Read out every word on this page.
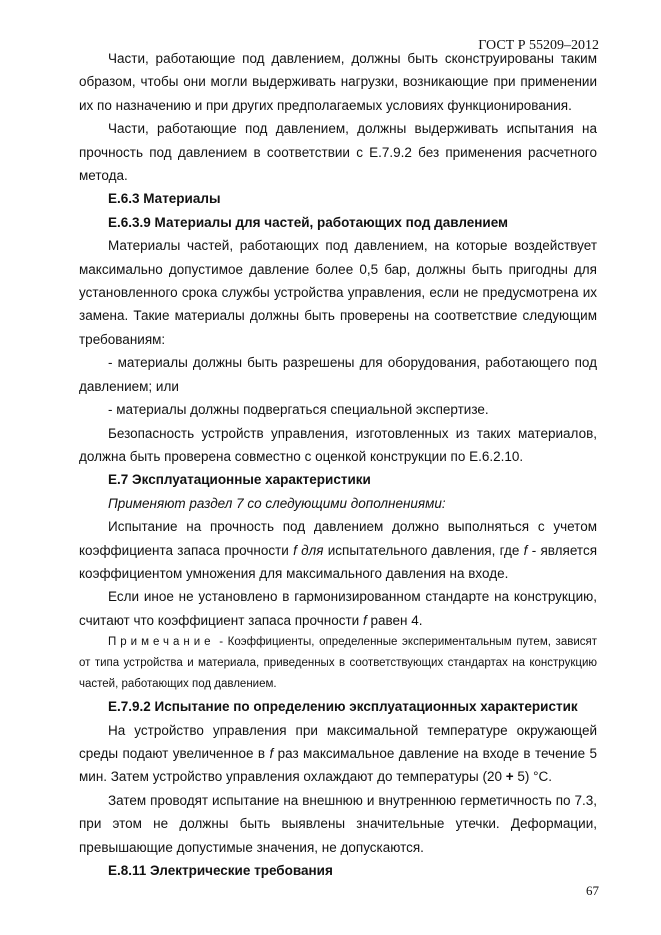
ГОСТ Р 55209–2012

Части, работающие под давлением, должны быть сконструированы таким образом, чтобы они могли выдерживать нагрузки, возникающие при применении их по назначению и при других предполагаемых условиях функционирования.

Части, работающие под давлением, должны выдерживать испытания на прочность под давлением в соответствии с Е.7.9.2 без применения расчетного метода.

Е.6.3 Материалы

Е.6.3.9 Материалы для частей, работающих под давлением

Материалы частей, работающих под давлением, на которые воздействует максимально допустимое давление более 0,5 бар, должны быть пригодны для установленного срока службы устройства управления, если не предусмотрена их замена. Такие материалы должны быть проверены на соответствие следующим требованиям:

- материалы должны быть разрешены для оборудования, работающего под давлением; или

- материалы должны подвергаться специальной экспертизе.

Безопасность устройств управления, изготовленных из таких материалов, должна быть проверена совместно с оценкой конструкции по Е.6.2.10.

Е.7 Эксплуатационные характеристики

Применяют раздел 7 со следующими дополнениями:

Испытание на прочность под давлением должно выполняться с учетом коэффициента запаса прочности f для испытательного давления, где f - является коэффициентом умножения для максимального давления на входе.

Если иное не установлено в гармонизированном стандарте на конструкцию, считают что коэффициент запаса прочности f равен 4.

Примечание - Коэффициенты, определенные экспериментальным путем, зависят от типа устройства и материала, приведенных в соответствующих стандартах на конструкцию частей, работающих под давлением.

Е.7.9.2 Испытание по определению эксплуатационных характеристик

На устройство управления при максимальной температуре окружающей среды подают увеличенное в f раз максимальное давление на входе в течение 5 мин. Затем устройство управления охлаждают до температуры (20 + 5) °С.

Затем проводят испытание на внешнюю и внутреннюю герметичность по 7.3, при этом не должны быть выявлены значительные утечки. Деформации, превышающие допустимые значения, не допускаются.

Е.8.11 Электрические требования

67
